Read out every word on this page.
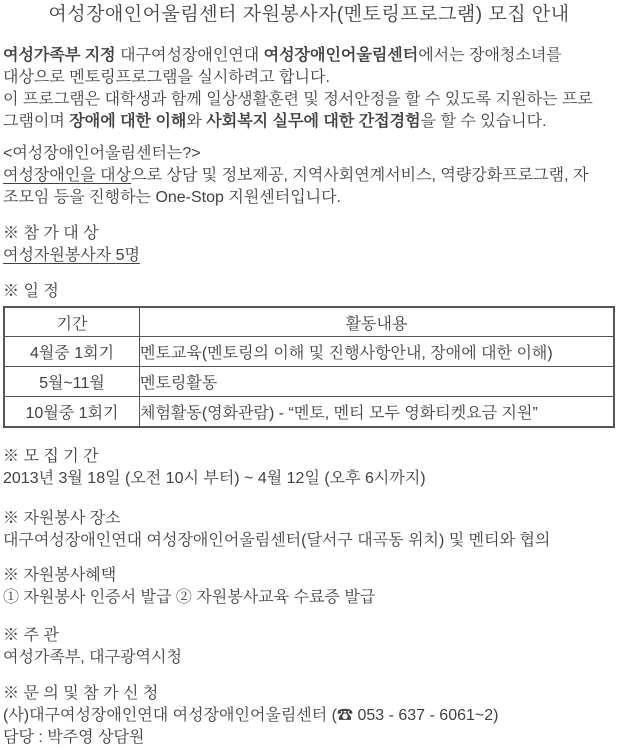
여성장애인어울림센터 자원봉사자(멘토링프로그램) 모집 안내
여성가족부 지정 대구여성장애인연대 여성장애인어울림센터에서는 장애청소녀를
대상으로 멘토링프로그램을 실시하려고 합니다.
이 프로그램은 대학생과 함께 일상생활훈련 및 정서안정을 할 수 있도록 지원하는 프로
그램이며 장애에 대한 이해와 사회복지 실무에 대한 간접경험을 할 수 있습니다.
<여성장애인어울림센터는?>
여성장애인을 대상으로 상담 및 정보제공, 지역사회연계서비스, 역량강화프로그램, 자
조모임 등을 진행하는 One-Stop 지원센터입니다.
※ 참 가 대 상
여성자원봉사자 5명
※ 일 정
기간	활동내용
4월중 1회기	멘토교육(멘토링의 이해 및 진행사항안내, 장애에 대한 이해)
5월~11월	멘토링활동
10월중 1회기	체험활동(영화관람) - “멘토, 멘티 모두 영화티켓요금 지원”
※ 모 집 기 간
2013년 3월 18일 (오전 10시 부터) ~ 4월 12일 (오후 6시까지)
※ 자원봉사 장소
대구여성장애인연대 여성장애인어울림센터(달서구 대곡동 위치) 및 멘티와 협의
※ 자원봉사혜택
① 자원봉사 인증서 발급 ② 자원봉사교육 수료증 발급
※ 주 관
여성가족부, 대구광역시청
※ 문 의 및 참 가 신 청
(사)대구여성장애인연대 여성장애인어울림센터 (☎ 053 - 637 - 6061~2)
담당 : 박주영 상담원
